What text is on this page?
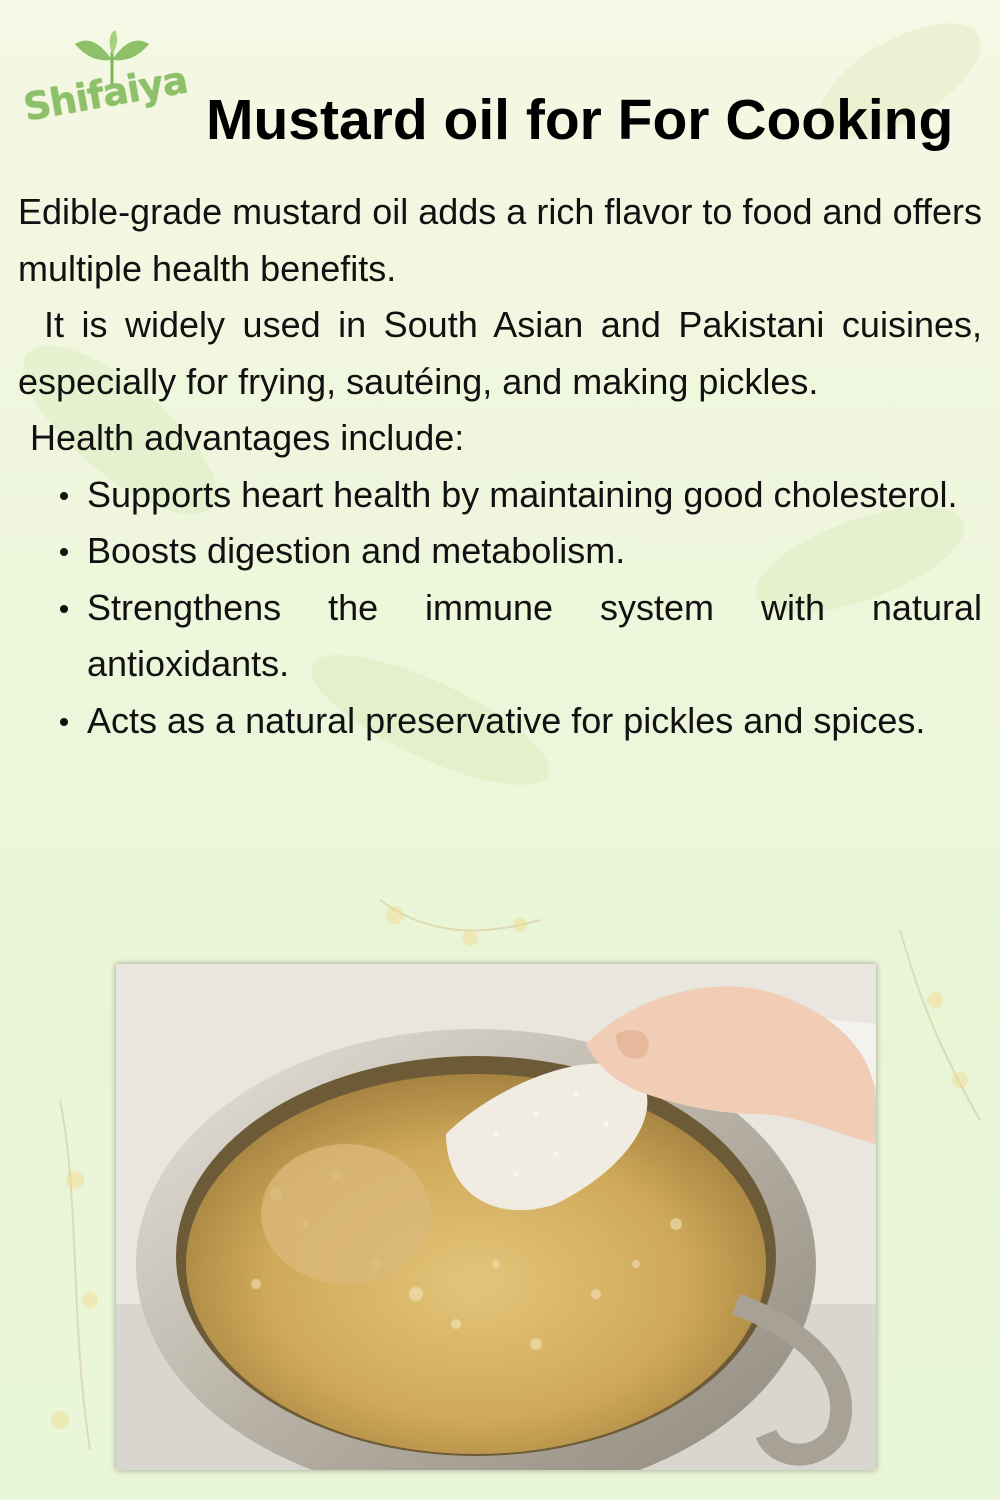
Shifaiya Mustard oil for For Cooking

Edible-grade mustard oil adds a rich flavor to food and offers multiple health benefits.

It is widely used in South Asian and Pakistani cuisines, especially for frying, sautéing, and making pickles.

Health advantages include:

Supports heart health by maintaining good cholesterol.
Boosts digestion and metabolism.
Strengthens the immune system with natural antioxidants.
Acts as a natural preservative for pickles and spices.
